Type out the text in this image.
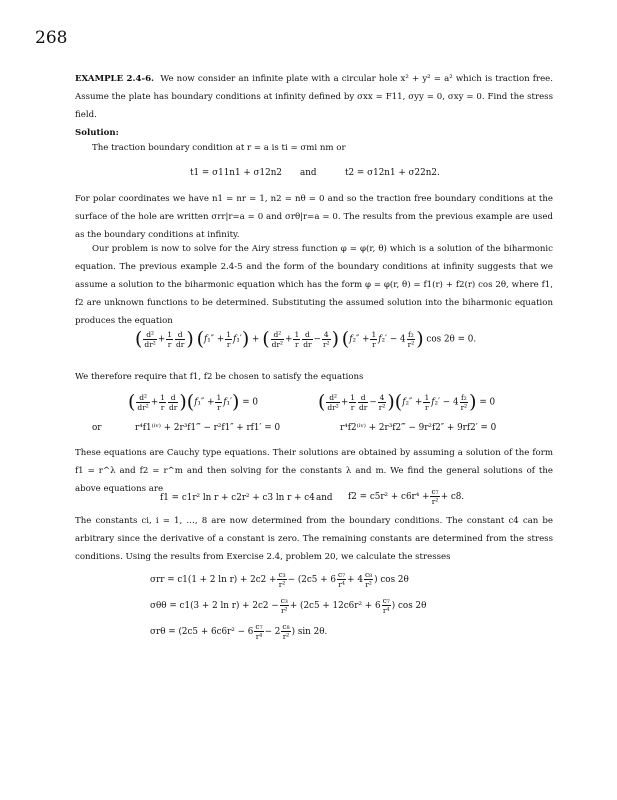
268

EXAMPLE 2.4-6. We now consider an infinite plate with a circular hole x² + y² = a² which is traction free. Assume the plate has boundary conditions at infinity defined by σxx = F11, σyy = 0, σxy = 0. Find the stress field.

Solution:

The traction boundary condition at r = a is ti = σmi nm or

t1 = σ11n1 + σ12n2 and	t2 = σ12n1 + σ22n2.

For polar coordinates we have n1 = nr = 1, n2 = nθ = 0 and so the traction free boundary conditions at the surface of the hole are written σrr|r=a = 0 and σrθ|r=a = 0. The results from the previous example are used as the boundary conditions at infinity.

Our problem is now to solve for the Airy stress function φ = φ(r, θ) which is a solution of the biharmonic equation. The previous example 2.4-5 and the form of the boundary conditions at infinity suggests that we assume a solution to the biharmonic equation which has the form φ = φ(r, θ) = f1(r) + f2(r) cos 2θ, where f1, f2 are unknown functions to be determined. Substituting the assumed solution into the biharmonic equation produces the equation

( $\frac{\text{d²}}{\text{dr²}} + \frac{1}{r} \frac{d}{dr}$ ) $(f_1'' + \frac{1}{r} f_1')$ + ( $\frac{\text{d²}}{\text{dr²}} + \frac{1}{r} \frac{d}{dr} - \frac{4}{\text{r²}}$ ) ($f_2'' + \frac{1}{r} f_2' - 4 \frac{\text{f₂}}{\text{r²}}$ ) cos 2θ = 0.

We therefore require that f1, f2 be chosen to satisfy the equations

( $\frac{\text{d²}}{\text{dr²}} + \frac{1}{r} \frac{d}{dr} )(f_1'' + \frac{1}{r} f_1') = 0$	( $\frac{\text{d²}}{\text{dr²}} + \frac{1}{r} \frac{d}{dr} - \frac{4}{\text{r²}} )(f_2'' + \frac{1}{r} f_2' - 4 \frac{\text{f₂}}{\text{r²}}$ ) = 0
or	r⁴f1⁽ⁱᵛ⁾ + 2r³f1‴ − r²f1″ + rf1′ = 0	r⁴f2⁽ⁱᵛ⁾ + 2r³f2‴ − 9r²f2″ + 9rf2′ = 0

These equations are Cauchy type equations. Their solutions are obtained by assuming a solution of the form f1 = r^λ and f2 = r^m and then solving for the constants λ and m. We find the general solutions of the above equations are

f1 = c1r² ln r + c2r² + c3 ln r + c4 and $f2 = c5r^2 + c6r^4 + \frac{\text{c₇}}{\text{r²}} + c8$.

The constants ci, i = 1, …, 8 are now determined from the boundary conditions. The constant c4 can be arbitrary since the derivative of a constant is zero. The remaining constants are determined from the stress conditions. Using the results from Exercise 2.4, problem 20, we calculate the stresses

σrr = c1(1 + 2 $\ln r) + 2c2 + \frac{\text{c₃}}{\text{r²}} - (2c5 + 6 \frac{\text{c₇}}{\text{r⁴}} + 4 \frac{\text{c₈}}{\text{r²}}$ ) cos 2θ
σθθ = c1(3 + 2 $\ln r) + 2c2 - \frac{\text{c₃}}{\text{r²}} + (2c5 + 12c6r^2 + 6 \frac{\text{c₇}}{\text{r⁴}}$ ) cos 2θ
$\sigma r\theta = (2c5 + 6c6r^2 - 6 \frac{\text{c₇}}{\text{r⁴}} - 2 \frac{\text{c₈}}{\text{r²}}$ ) sin 2θ.
